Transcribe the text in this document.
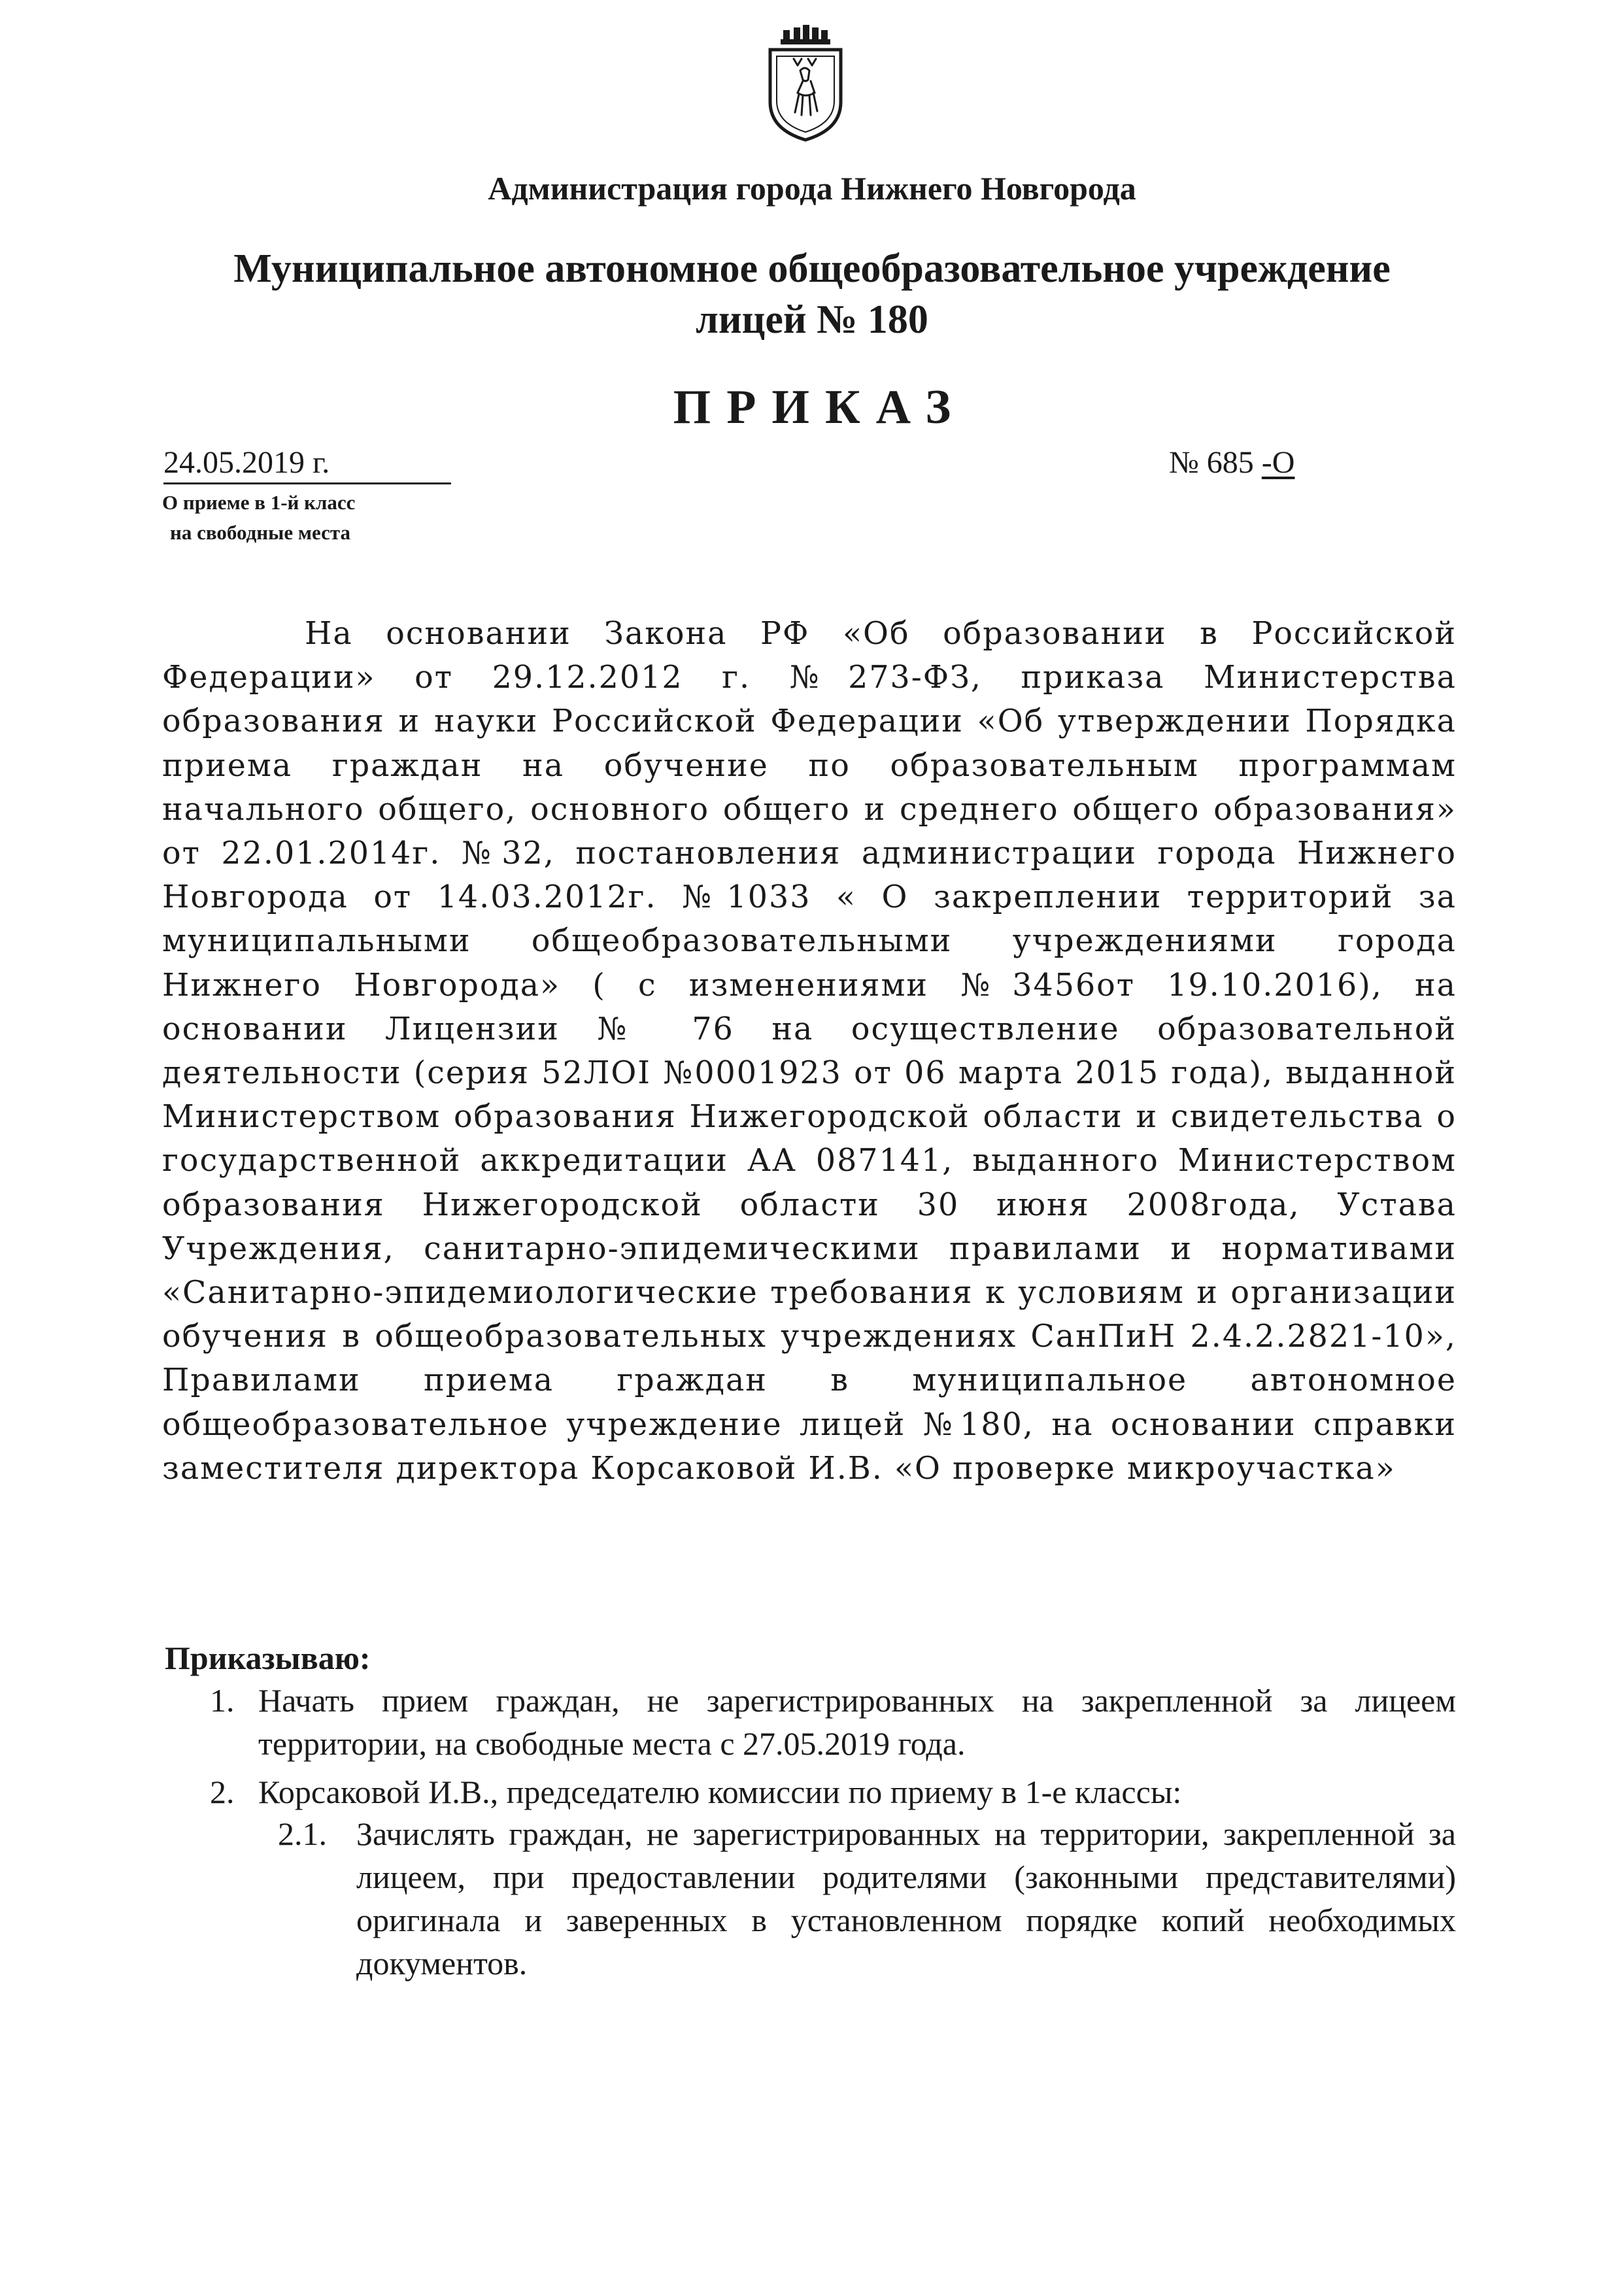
Администрация города Нижнего Новгорода
Муниципальное автономное общеобразовательное учреждение
лицей № 180
ПРИКАЗ
24.05.2019 г.	№ 685 -О
О приеме в 1-й класс
на свободные места

На основании Закона РФ «Об образовании в Российской Федерации» от 29.12.2012 г. №273-ФЗ, приказа Министерства образования и науки Российской Федерации «Об утверждении Порядка приема граждан на обучение по образовательным программам начального общего, основного общего и среднего общего образования» от 22.01.2014г. №32, постановления администрации города Нижнего Новгорода от 14.03.2012г. №1033 « О закреплении территорий за муниципальными общеобразовательными учреждениями города Нижнего Новгорода» ( с изменениями №3456от 19.10.2016), на основании Лицензии № 76 на осуществление образовательной деятельности (серия 52ЛОI №0001923 от 06 марта 2015 года), выданной Министерством образования Нижегородской области и свидетельства о государственной аккредитации АА 087141, выданного Министерством образования Нижегородской области 30 июня 2008года, Устава Учреждения, санитарно-эпидемическими правилами и нормативами «Санитарно-эпидемиологические требования к условиям и организации обучения в общеобразовательных учреждениях СанПиН 2.4.2.2821-10», Правилами приема граждан в муниципальное автономное общеобразовательное учреждение лицей №180, на основании справки заместителя директора Корсаковой И.В. «О проверке микроучастка»

Приказываю:
1. Начать прием граждан, не зарегистрированных на закрепленной за лицеем территории, на свободные места с 27.05.2019 года.
2. Корсаковой И.В., председателю комиссии по приему в 1-е классы:
2.1. Зачислять граждан, не зарегистрированных на территории, закрепленной за лицеем, при предоставлении родителями (законными представителями) оригинала и заверенных в установленном порядке копий необходимых документов.
